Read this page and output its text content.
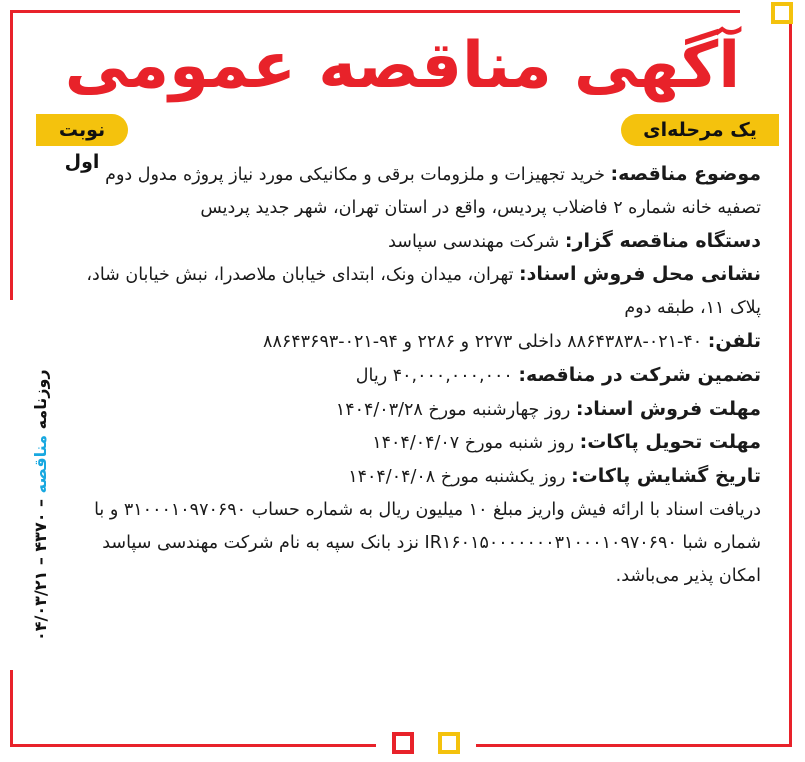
آگهی مناقصه عمومی
نوبت اول
یک مرحله‌ای

موضوع مناقصه: خرید تجهیزات و ملزومات برقی و مکانیکی مورد نیاز پروژه مدول دوم تصفیه خانه شماره ۲ فاضلاب پردیس، واقع در استان تهران، شهر جدید پردیس

دستگاه مناقصه گزار: شرکت مهندسی سپاسد

نشانی محل فروش اسناد: تهران، میدان ونک، ابتدای خیابان ملاصدرا، نبش خیابان شاد، پلاک ۱۱، طبقه دوم

تلفن: ۴۰-۰۲۱-۸۸۶۴۳۸۳۸ داخلی ۲۲۷۳ و ۲۲۸۶ و ۹۴-۰۲۱-۸۸۶۴۳۶۹۳

تضمین شرکت در مناقصه: ۴۰,۰۰۰,۰۰۰,۰۰۰ ریال

مهلت فروش اسناد: روز چهارشنبه مورخ ۱۴۰۴/۰۳/۲۸

مهلت تحویل پاکات: روز شنبه مورخ ۱۴۰۴/۰۴/۰۷

تاریخ گشایش پاکات: روز یکشنبه مورخ ۱۴۰۴/۰۴/۰۸

دریافت اسناد با ارائه فیش واریز مبلغ ۱۰ میلیون ریال به شماره حساب ۳۱۰۰۰۱۰۹۷۰۶۹۰ و با شماره شبا IR۱۶۰۱۵۰۰۰۰۰۰۰۳۱۰۰۰۱۰۹۷۰۶۹۰ نزد بانک سپه به نام شرکت مهندسی سپاسد امکان پذیر می‌باشد.

روزنامه مناقصه – ۴۳۷۰ – ۰۴/۰۳/۲۱
